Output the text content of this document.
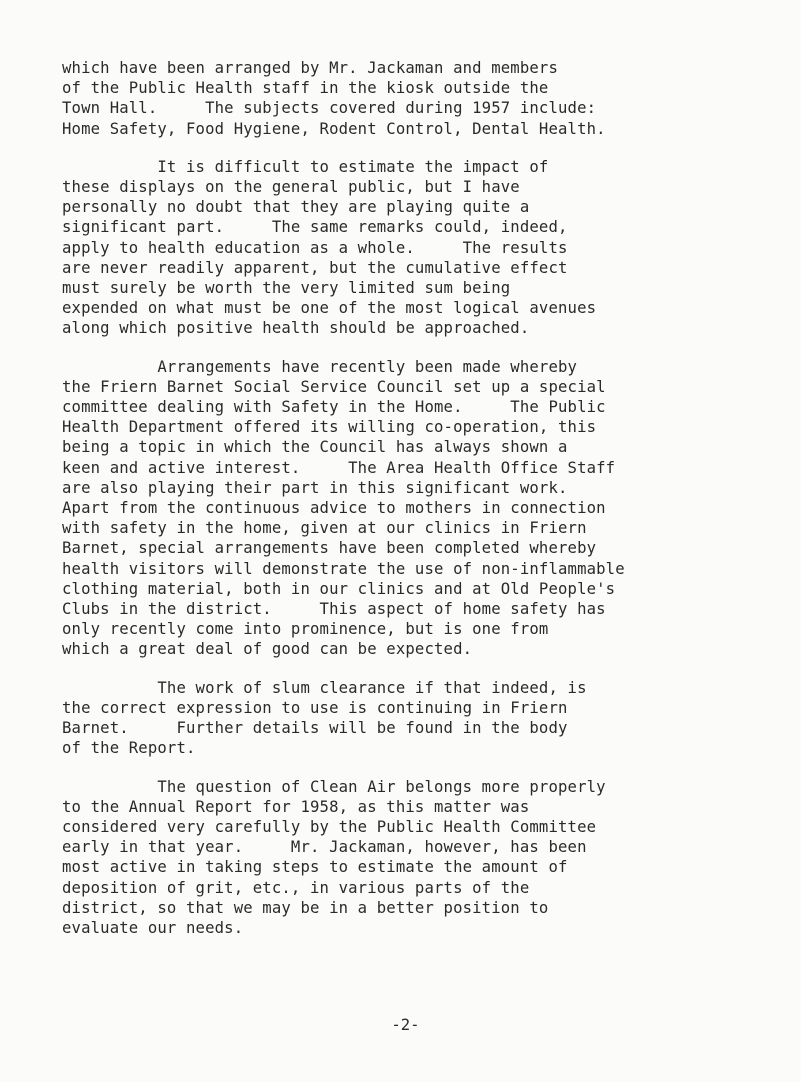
which have been arranged by Mr. Jackaman and members
of the Public Health staff in the kiosk outside the
Town Hall.     The subjects covered during 1957 include:
Home Safety, Food Hygiene, Rodent Control, Dental Health.
It is difficult to estimate the impact of
these displays on the general public, but I have
personally no doubt that they are playing quite a
significant part.     The same remarks could, indeed,
apply to health education as a whole.     The results
are never readily apparent, but the cumulative effect
must surely be worth the very limited sum being
expended on what must be one of the most logical avenues
along which positive health should be approached.
Arrangements have recently been made whereby
the Friern Barnet Social Service Council set up a special
committee dealing with Safety in the Home.     The Public
Health Department offered its willing co-operation, this
being a topic in which the Council has always shown a
keen and active interest.     The Area Health Office Staff
are also playing their part in this significant work.
Apart from the continuous advice to mothers in connection
with safety in the home, given at our clinics in Friern
Barnet, special arrangements have been completed whereby
health visitors will demonstrate the use of non-inflammable
clothing material, both in our clinics and at Old People's
Clubs in the district.     This aspect of home safety has
only recently come into prominence, but is one from
which a great deal of good can be expected.
The work of slum clearance if that indeed, is
the correct expression to use is continuing in Friern
Barnet.     Further details will be found in the body
of the Report.
The question of Clean Air belongs more properly
to the Annual Report for 1958, as this matter was
considered very carefully by the Public Health Committee
early in that year.     Mr. Jackaman, however, has been
most active in taking steps to estimate the amount of
deposition of grit, etc., in various parts of the
district, so that we may be in a better position to
evaluate our needs.
-2-
